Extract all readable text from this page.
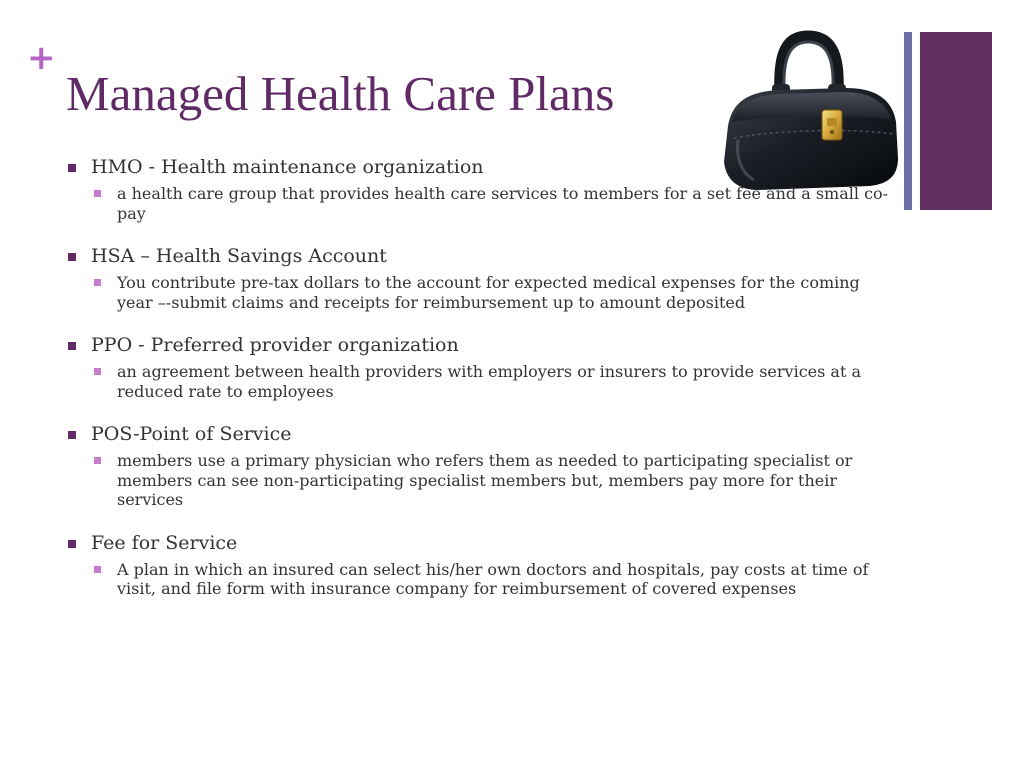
+
Managed Health Care Plans
HMO - Health maintenance organization
a health care group that provides health care services to members for a set fee and a small co-pay
HSA – Health Savings Account
You contribute pre-tax dollars to the account for expected medical expenses for the coming year –-submit claims and receipts for reimbursement up to amount deposited
PPO - Preferred provider organization
an agreement between health providers with employers or insurers to provide services at a reduced rate to employees
POS-Point of Service
members use a primary physician who refers them as needed to participating specialist or members can see non-participating specialist members but, members pay more for their services
Fee for Service
A plan in which an insured can select his/her own doctors and hospitals, pay costs at time of visit, and file form with insurance company for reimbursement of covered expenses
